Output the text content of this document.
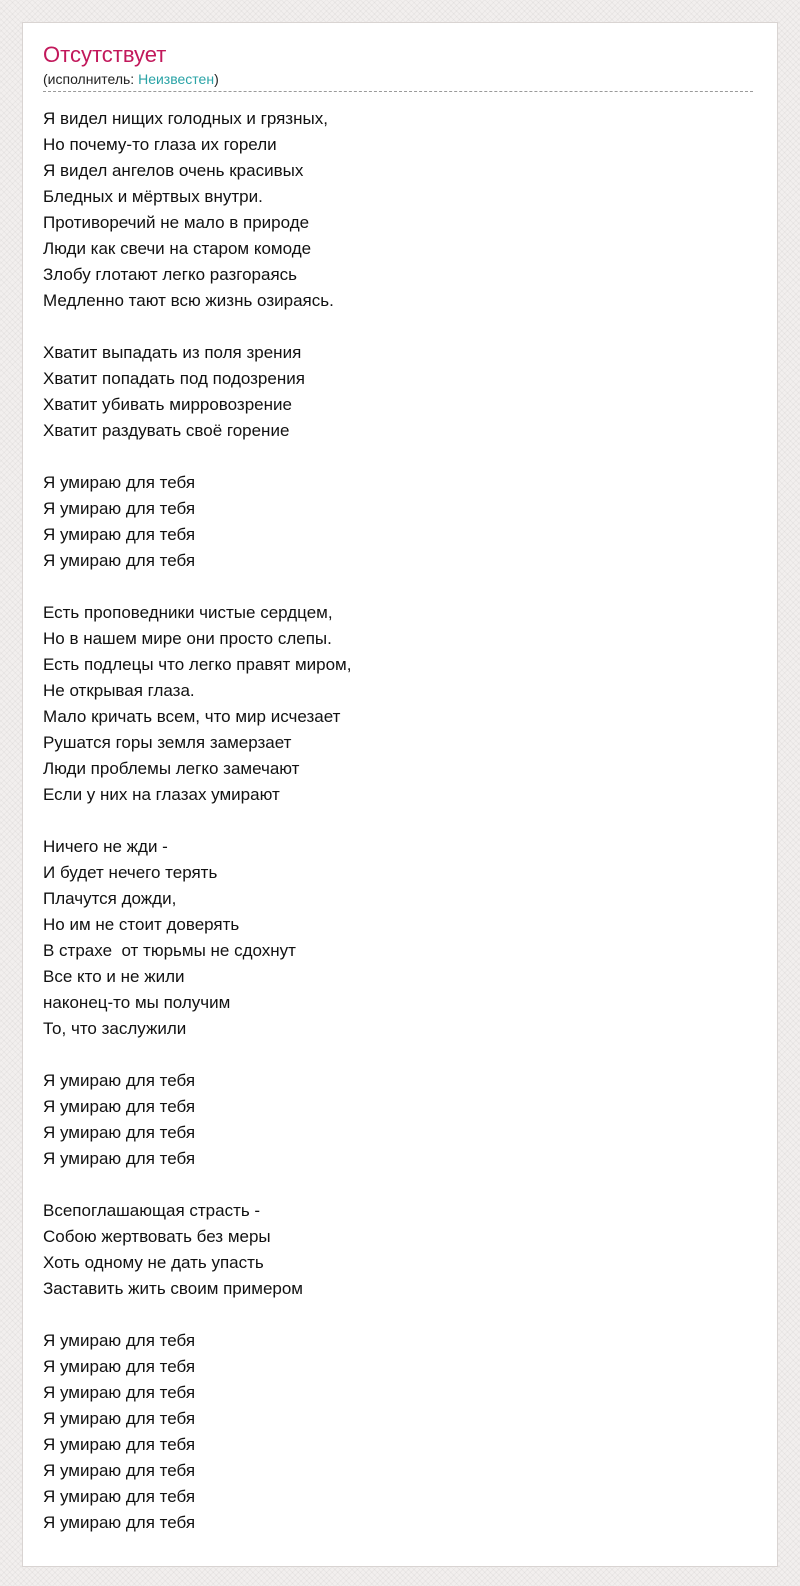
Отсутствует
(исполнитель: Неизвестен)
Я видел нищих голодных и грязных,
Но почему-то глаза их горели
Я видел ангелов очень красивых
Бледных и мёртвых внутри.
Противоречий не мало в природе
Люди как свечи на старом комоде
Злобу глотают легко разгораясь
Медленно тают всю жизнь озираясь.
Хватит выпадать из поля зрения
Хватит попадать под подозрения
Хватит убивать мирровозрение
Хватит раздувать своё горение
Я умираю для тебя
Я умираю для тебя
Я умираю для тебя
Я умираю для тебя
Есть проповедники чистые сердцем,
Но в нашем мире они просто слепы.
Есть подлецы что легко правят миром,
Не открывая глаза.
Мало кричать всем, что мир исчезает
Рушатся горы земля замерзает
Люди проблемы легко замечают
Если у них на глазах умирают
Ничего не жди -
И будет нечего терять
Плачутся дожди,
Но им не стоит доверять
В страхе  от тюрьмы не сдохнут
Все кто и не жили
наконец-то мы получим
То, что заслужили
Я умираю для тебя
Я умираю для тебя
Я умираю для тебя
Я умираю для тебя
Всепоглашающая страсть -
Собою жертвовать без меры
Хоть одному не дать упасть
Заставить жить своим примером
Я умираю для тебя
Я умираю для тебя
Я умираю для тебя
Я умираю для тебя
Я умираю для тебя
Я умираю для тебя
Я умираю для тебя
Я умираю для тебя
